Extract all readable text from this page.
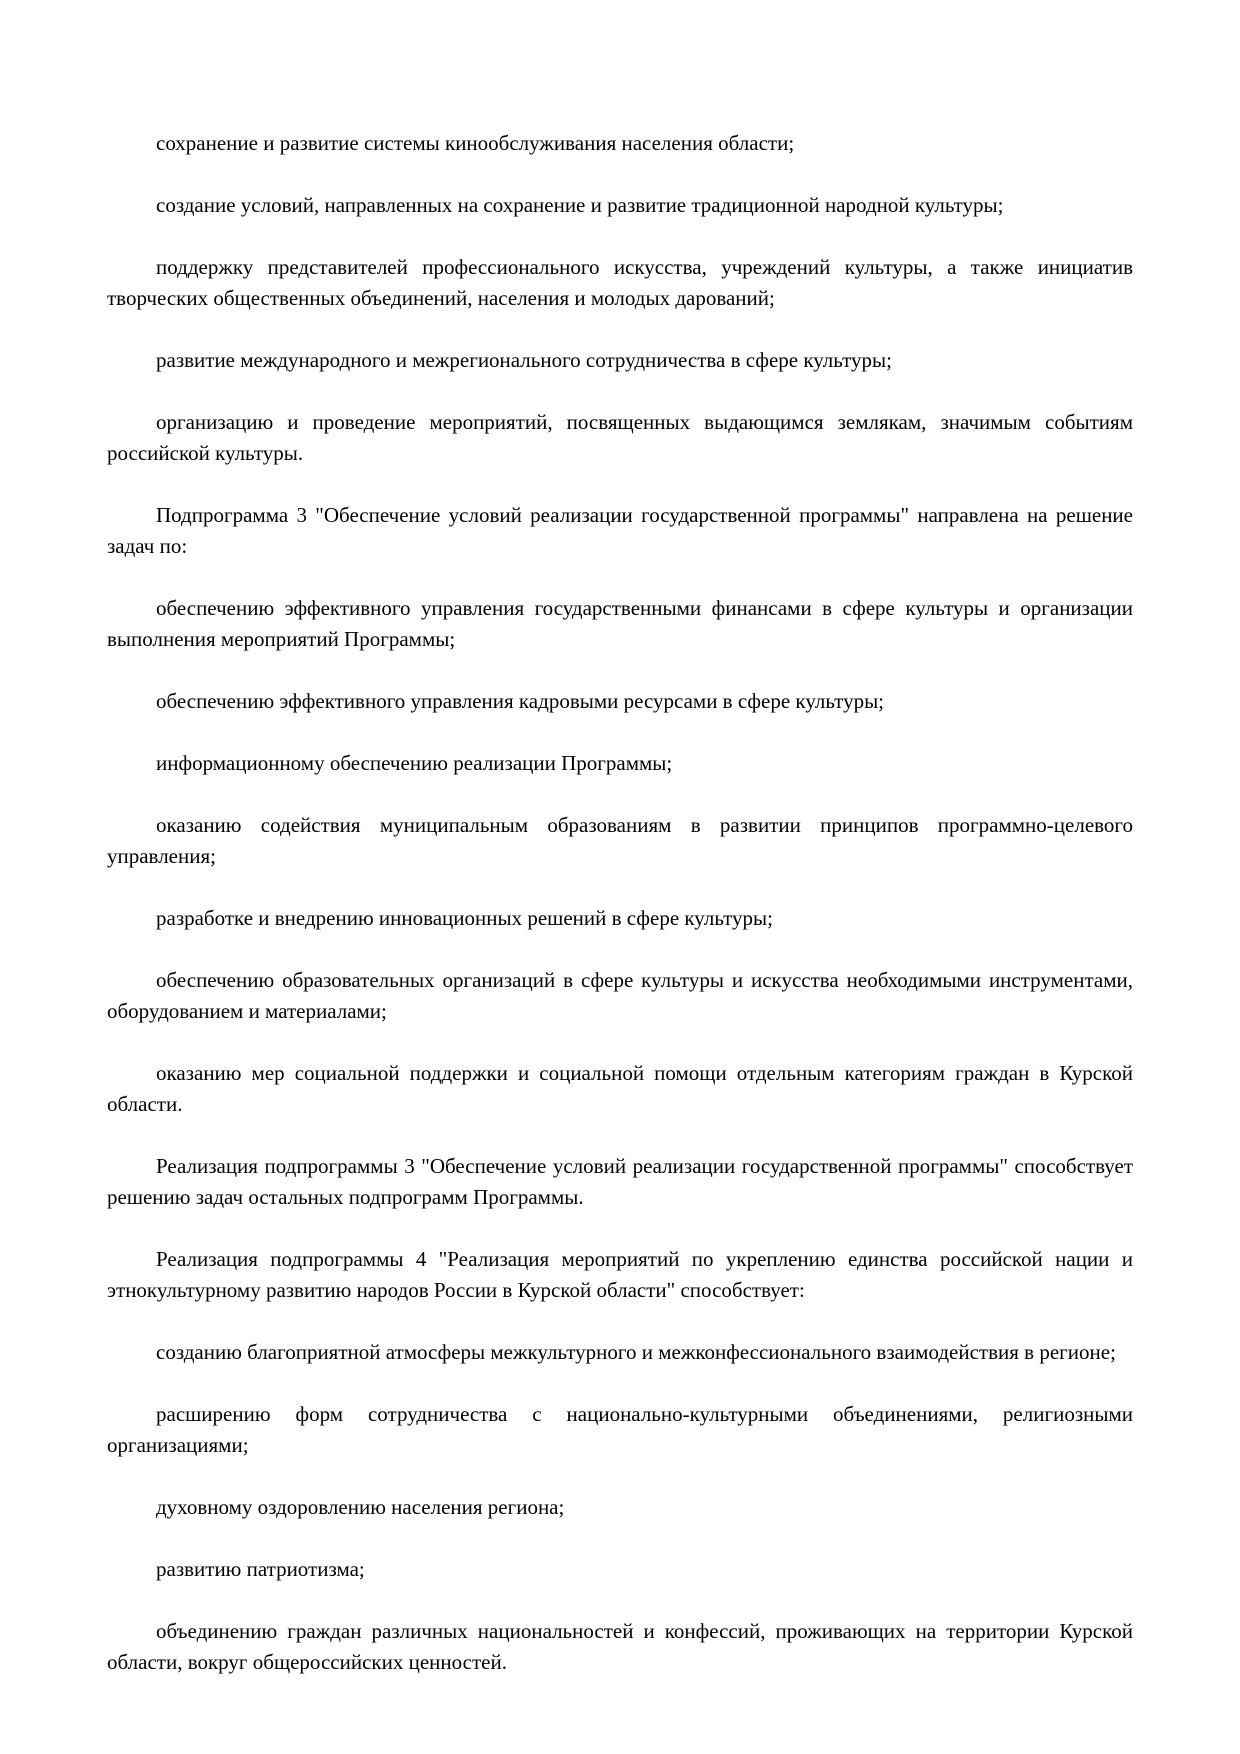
сохранение и развитие системы кинообслуживания населения области;

создание условий, направленных на сохранение и развитие традиционной народной культуры;

поддержку представителей профессионального искусства, учреждений культуры, а также инициатив творческих общественных объединений, населения и молодых дарований;

развитие международного и межрегионального сотрудничества в сфере культуры;

организацию и проведение мероприятий, посвященных выдающимся землякам, значимым событиям российской культуры.

Подпрограмма 3 "Обеспечение условий реализации государственной программы" направлена на решение задач по:

обеспечению эффективного управления государственными финансами в сфере культуры и организации выполнения мероприятий Программы;

обеспечению эффективного управления кадровыми ресурсами в сфере культуры;

информационному обеспечению реализации Программы;

оказанию содействия муниципальным образованиям в развитии принципов программно-целевого управления;

разработке и внедрению инновационных решений в сфере культуры;

обеспечению образовательных организаций в сфере культуры и искусства необходимыми инструментами, оборудованием и материалами;

оказанию мер социальной поддержки и социальной помощи отдельным категориям граждан в Курской области.

Реализация подпрограммы 3 "Обеспечение условий реализации государственной программы" способствует решению задач остальных подпрограмм Программы.

Реализация подпрограммы 4 "Реализация мероприятий по укреплению единства российской нации и этнокультурному развитию народов России в Курской области" способствует:

созданию благоприятной атмосферы межкультурного и межконфессионального взаимодействия в регионе;

расширению форм сотрудничества с национально-культурными объединениями, религиозными организациями;

духовному оздоровлению населения региона;

развитию патриотизма;

объединению граждан различных национальностей и конфессий, проживающих на территории Курской области, вокруг общероссийских ценностей.
